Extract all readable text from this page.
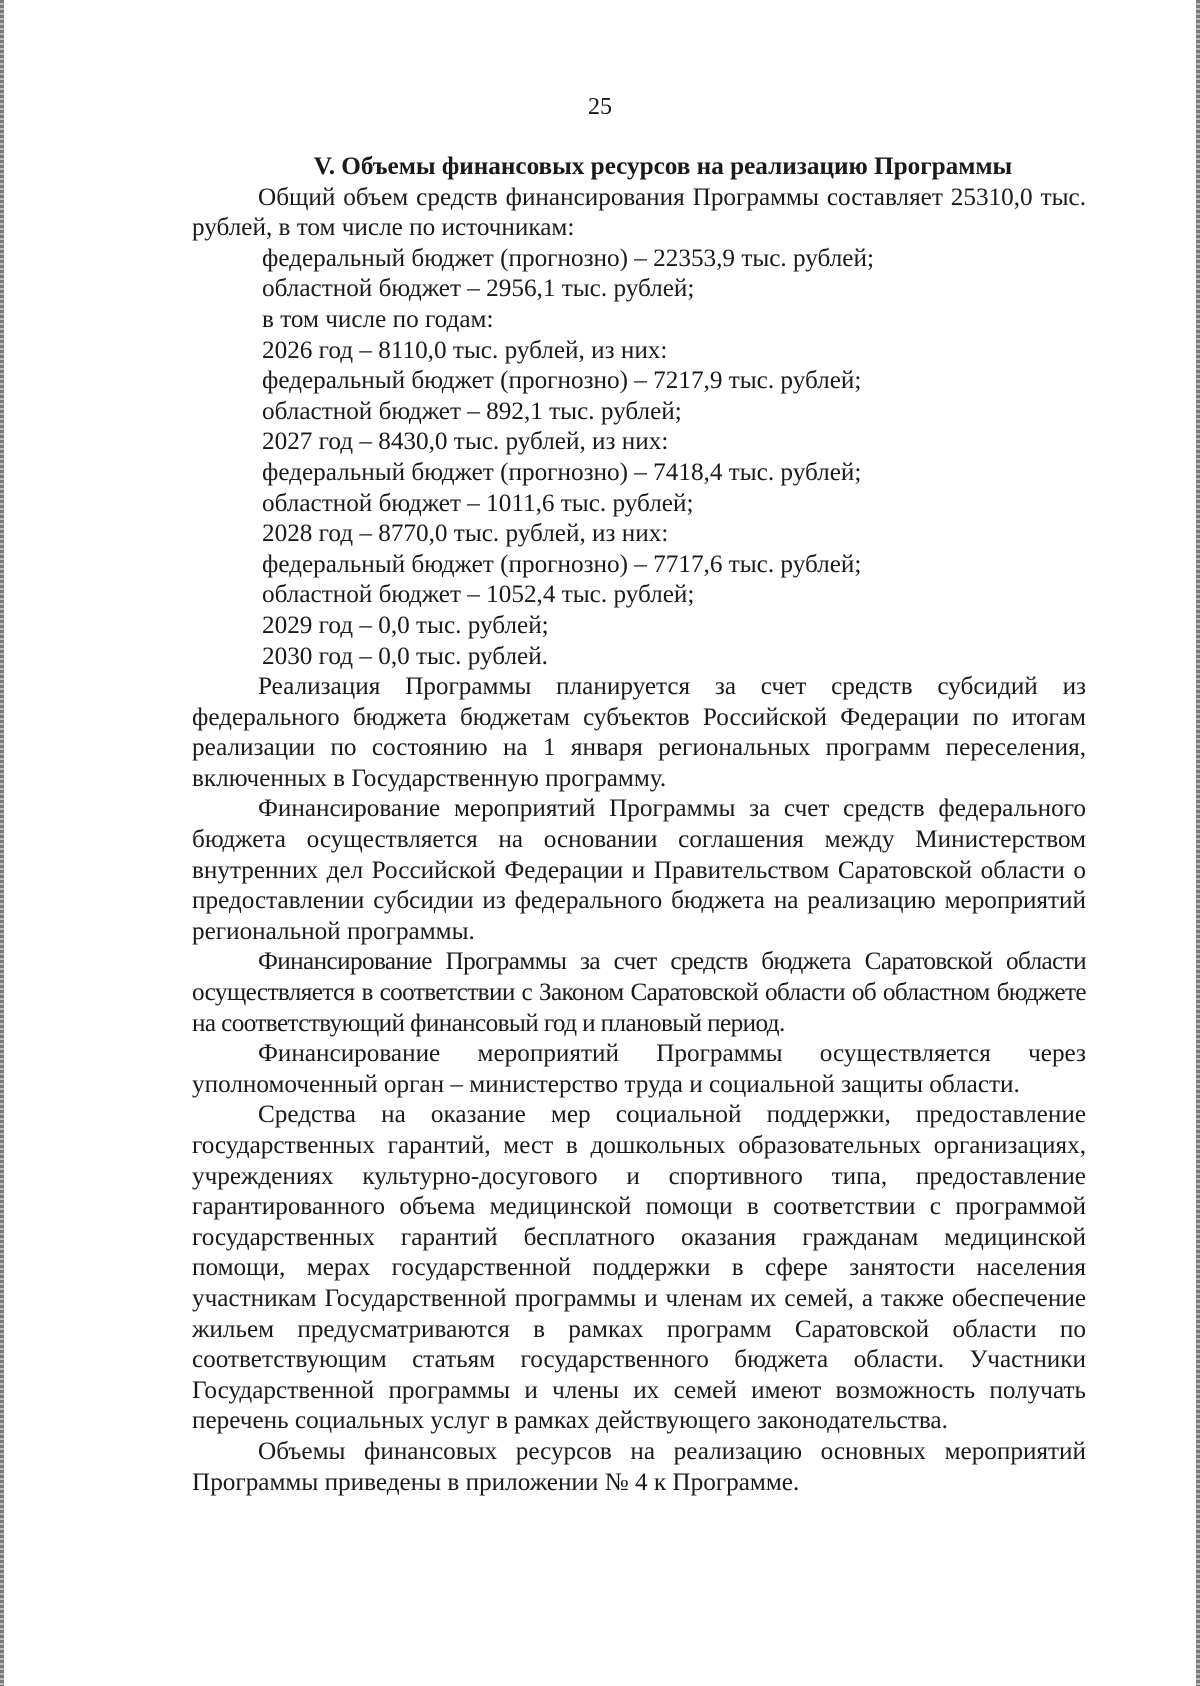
25

V. Объемы финансовых ресурсов на реализацию Программы

Общий объем средств финансирования Программы составляет 25310,0 тыс. рублей, в том числе по источникам:

федеральный бюджет (прогнозно) – 22353,9 тыс. рублей;

областной бюджет – 2956,1 тыс. рублей;

в том числе по годам:

2026 год – 8110,0 тыс. рублей, из них:

федеральный бюджет (прогнозно) – 7217,9 тыс. рублей;

областной бюджет – 892,1 тыс. рублей;

2027 год – 8430,0 тыс. рублей, из них:

федеральный бюджет (прогнозно) – 7418,4 тыс. рублей;

областной бюджет – 1011,6 тыс. рублей;

2028 год – 8770,0 тыс. рублей, из них:

федеральный бюджет (прогнозно) – 7717,6 тыс. рублей;

областной бюджет – 1052,4 тыс. рублей;

2029 год – 0,0 тыс. рублей;

2030 год – 0,0 тыс. рублей.

Реализация Программы планируется за счет средств субсидий из федерального бюджета бюджетам субъектов Российской Федерации по итогам реализации по состоянию на 1 января региональных программ переселения, включенных в Государственную программу.

Финансирование мероприятий Программы за счет средств федерального бюджета осуществляется на основании соглашения между Министерством внутренних дел Российской Федерации и Правительством Саратовской области о предоставлении субсидии из федерального бюджета на реализацию мероприятий региональной программы.

Финансирование Программы за счет средств бюджета Саратовской области осуществляется в соответствии с Законом Саратовской области об областном бюджете на соответствующий финансовый год и плановый период.

Финансирование мероприятий Программы осуществляется через уполномоченный орган – министерство труда и социальной защиты области.

Средства на оказание мер социальной поддержки, предоставление государственных гарантий, мест в дошкольных образовательных организациях, учреждениях культурно-досугового и спортивного типа, предоставление гарантированного объема медицинской помощи в соответствии с программой государственных гарантий бесплатного оказания гражданам медицинской помощи, мерах государственной поддержки в сфере занятости населения участникам Государственной программы и членам их семей, а также обеспечение жильем предусматриваются в рамках программ Саратовской области по соответствующим статьям государственного бюджета области. Участники Государственной программы и члены их семей имеют возможность получать перечень социальных услуг в рамках действующего законодательства.

Объемы финансовых ресурсов на реализацию основных мероприятий Программы приведены в приложении № 4 к Программе.
